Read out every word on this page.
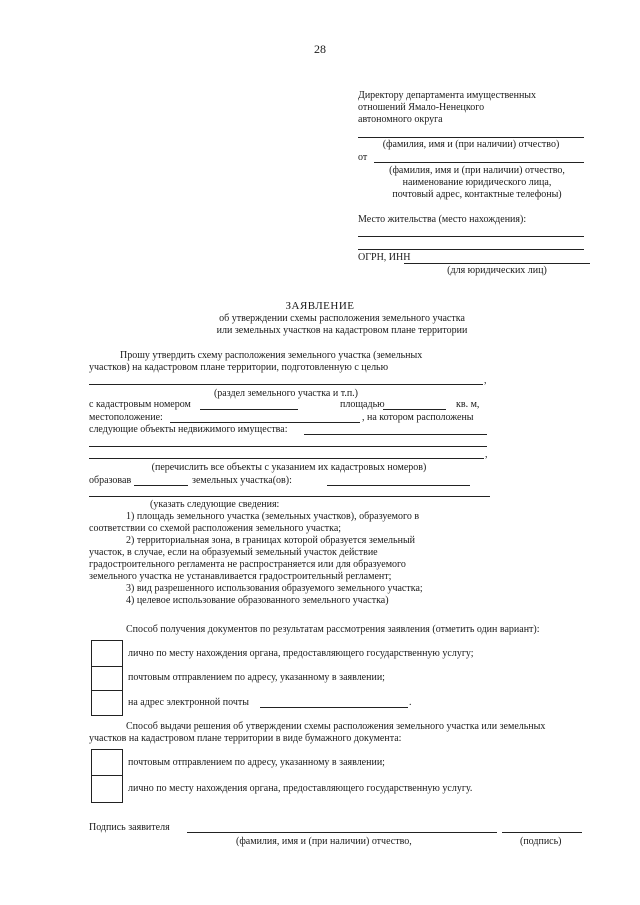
28
Директору департамента имущественных
отношений Ямало-Ненецкого
автономного округа
(фамилия, имя и (при наличии) отчество)
от
(фамилия, имя и (при наличии) отчество,
наименование юридического лица,
почтовый адрес, контактные телефоны)
Место жительства (место нахождения):
ОГРН, ИНН
(для юридических лиц)
ЗАЯВЛЕНИЕ
об утверждении схемы расположения земельного участка
или земельных участков на кадастровом плане территории
Прошу утвердить схему расположения земельного участка (земельных
участков) на кадастровом плане территории, подготовленную с целью
,
(раздел земельного участка и т.п.)
с кадастровым номером	площадью	кв. м,
местоположение:	, на котором расположены
следующие объекты недвижимого имущества:
,
(перечислить все объекты с указанием их кадастровых номеров)
образовав	земельных участка(ов):
(указать следующие сведения:
1) площадь земельного участка (земельных участков), образуемого в
соответствии со схемой расположения земельного участка;
2) территориальная зона, в границах которой образуется земельный
участок, в случае, если на образуемый земельный участок действие
градостроительного регламента не распространяется или для образуемого
земельного участка не устанавливается градостроительный регламент;
3) вид разрешенного использования образуемого земельного участка;
4) целевое использование образованного земельного участка)
Способ получения документов по результатам рассмотрения заявления (отметить один вариант):
лично по месту нахождения органа, предоставляющего государственную услугу;
почтовым отправлением по адресу, указанному в заявлении;
на адрес электронной почты	.
Способ выдачи решения об утверждении схемы расположения земельного участка или земельных
участков на кадастровом плане территории в виде бумажного документа:
почтовым отправлением по адресу, указанному в заявлении;
лично по месту нахождения органа, предоставляющего государственную услугу.
Подпись заявителя
(фамилия, имя и (при наличии) отчество,	(подпись)
